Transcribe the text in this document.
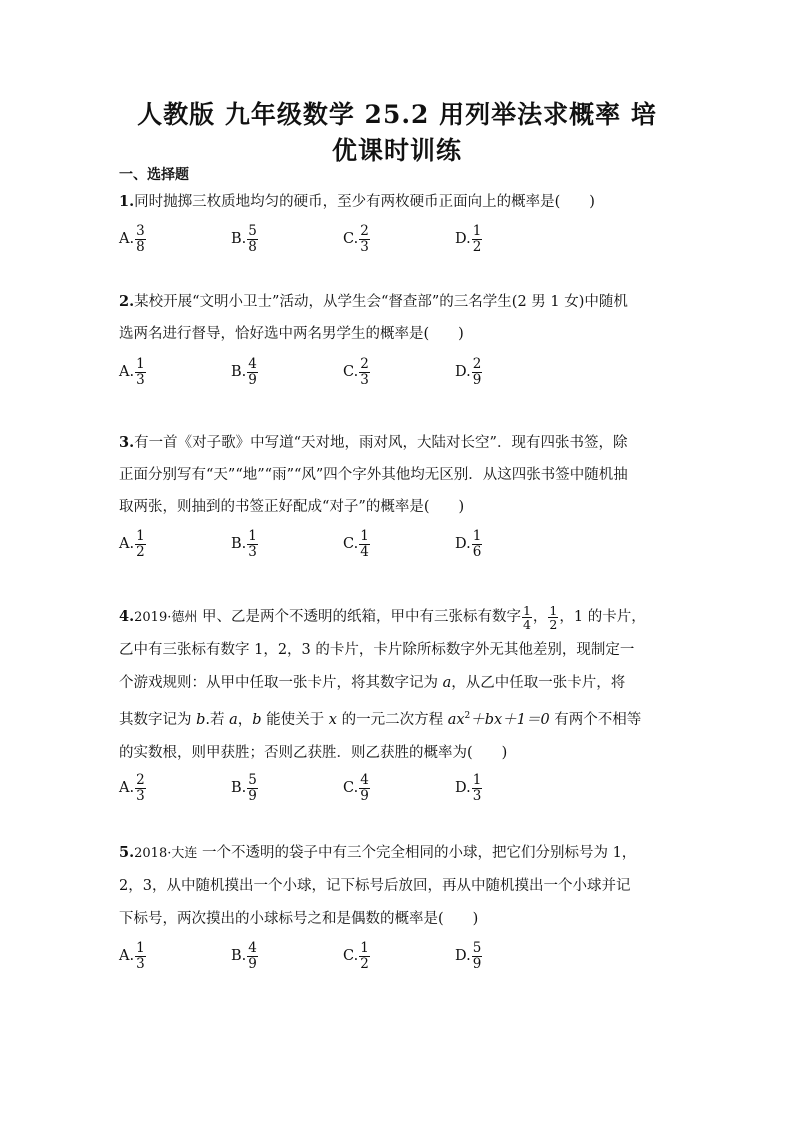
人教版 九年级数学 25.2 用列举法求概率 培
优课时训练
一、选择题
1.同时抛掷三枚质地均匀的硬币，至少有两枚硬币正面向上的概率是(　　)
A. $\frac{3}{8}$	B. $\frac{5}{8}$	C. $\frac{2}{3}$	D. $\frac{1}{2}$
2.某校开展“文明小卫士”活动，从学生会“督查部”的三名学生(2 男 1 女)中随机
选两名进行督导，恰好选中两名男学生的概率是(　　)
A. $\frac{1}{3}$	B. $\frac{4}{9}$	C. $\frac{2}{3}$	D. $\frac{2}{9}$
3.有一首《对子歌》中写道“天对地，雨对风，大陆对长空”．现有四张书签，除
正面分别写有“天”“地”“雨”“风”四个字外其他均无区别．从这四张书签中随机抽
取两张，则抽到的书签正好配成“对子”的概率是(　　)
A. $\frac{1}{2}$	B. $\frac{1}{3}$	C. $\frac{1}{4}$	D. $\frac{1}{6}$
4.2019·德州 甲、乙是两个不透明的纸箱，甲中有三张标有数字 $\frac{1}{4}$ ， $\frac{1}{2}$ ，1 的卡片，
乙中有三张标有数字 1，2，3 的卡片，卡片除所标数字外无其他差别，现制定一
个游戏规则：从甲中任取一张卡片，将其数字记为 a，从乙中任取一张卡片，将
其数字记为 b.若 a，b 能使关于 x 的一元二次方程 $ax^2+bx+1=0$ 有两个不相等
的实数根，则甲获胜；否则乙获胜．则乙获胜的概率为(　　)
A. $\frac{2}{3}$	B. $\frac{5}{9}$	C. $\frac{4}{9}$	D. $\frac{1}{3}$
5.2018·大连 一个不透明的袋子中有三个完全相同的小球，把它们分别标号为 1，
2，3，从中随机摸出一个小球，记下标号后放回，再从中随机摸出一个小球并记
下标号，两次摸出的小球标号之和是偶数的概率是(　　)
A. $\frac{1}{3}$	B. $\frac{4}{9}$	C. $\frac{1}{2}$	D. $\frac{5}{9}$
